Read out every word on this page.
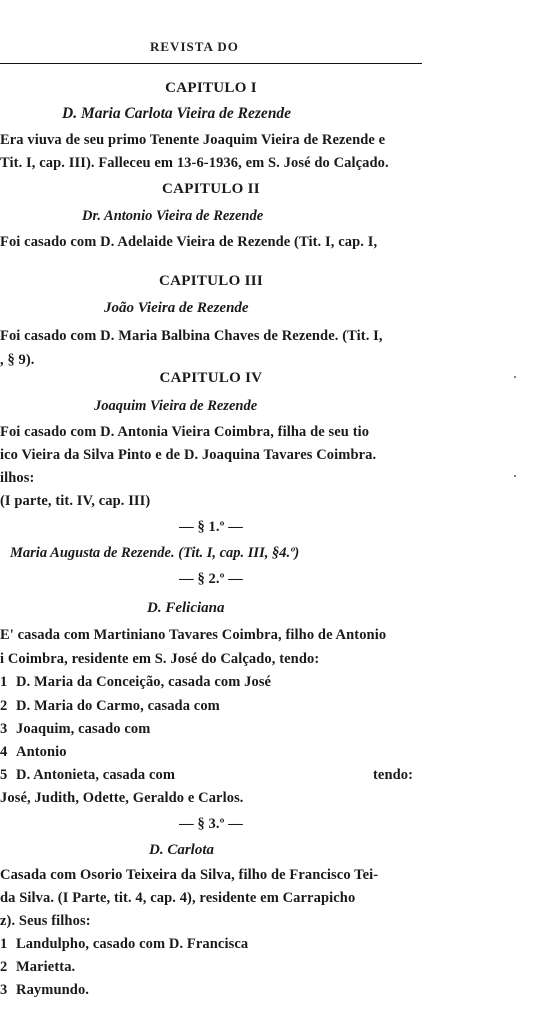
REVISTA DO
CAPITULO I
D. Maria Carlota Vieira de Rezende
Era viuva de seu primo Tenente Joaquim Vieira de Rezende e
Tit. I, cap. III). Falleceu em 13-6-1936, em S. José do Calçado.
CAPITULO II
Dr. Antonio Vieira de Rezende
Foi casado com D. Adelaide Vieira de Rezende (Tit. I, cap. I,
CAPITULO III
João Vieira de Rezende
Foi casado com D. Maria Balbina Chaves de Rezende. (Tit. I,
, § 9).
CAPITULO IV
Joaquim Vieira de Rezende
Foi casado com D. Antonia Vieira Coimbra, filha de seu tio
ico Vieira da Silva Pinto e de D. Joaquina Tavares Coimbra.
ilhos:
(I parte, tit. IV, cap. III)
— § 1.º —
Maria Augusta de Rezende. (Tit. I, cap. III, §4.º)
— § 2.º —
D. Feliciana
E' casada com Martiniano Tavares Coimbra, filho de Antonio
i Coimbra, residente em S. José do Calçado, tendo:
1 D. Maria da Conceição, casada com José
2 D. Maria do Carmo, casada com
3 Joaquim, casado com
4 Antonio
5 D. Antonieta, casada com	tendo:
José, Judith, Odette, Geraldo e Carlos.
— § 3.º —
D. Carlota
Casada com Osorio Teixeira da Silva, filho de Francisco Tei-
da Silva. (I Parte, tit. 4, cap. 4), residente em Carrapicho
z). Seus filhos:
1 Landulpho, casado com D. Francisca
2 Marietta.
3 Raymundo.
